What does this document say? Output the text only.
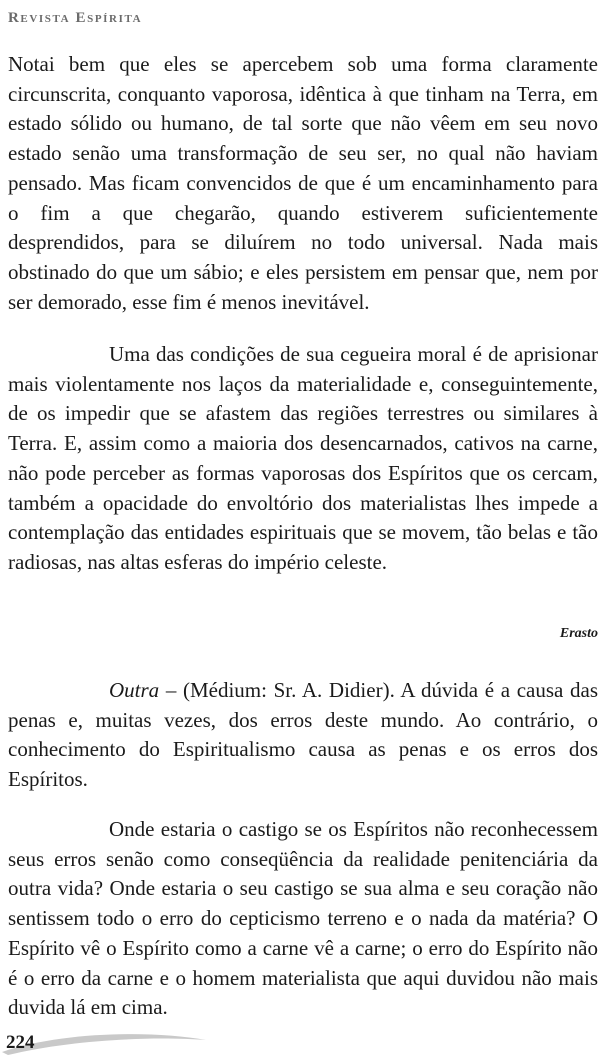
Revista Espírita

Notai bem que eles se apercebem sob uma forma claramente circunscrita, conquanto vaporosa, idêntica à que tinham na Terra, em estado sólido ou humano, de tal sorte que não vêem em seu novo estado senão uma transformação de seu ser, no qual não haviam pensado. Mas ficam convencidos de que é um encaminhamento para o fim a que chegarão, quando estiverem suficientemente desprendidos, para se diluírem no todo universal. Nada mais obstinado do que um sábio; e eles persistem em pensar que, nem por ser demorado, esse fim é menos inevitável.

Uma das condições de sua cegueira moral é de aprisionar mais violentamente nos laços da materialidade e, conseguintemente, de os impedir que se afastem das regiões terrestres ou similares à Terra. E, assim como a maioria dos desencarnados, cativos na carne, não pode perceber as formas vaporosas dos Espíritos que os cercam, também a opacidade do envoltório dos materialistas lhes impede a contemplação das entidades espirituais que se movem, tão belas e tão radiosas, nas altas esferas do império celeste.

Erasto

Outra – (Médium: Sr. A. Didier). A dúvida é a causa das penas e, muitas vezes, dos erros deste mundo. Ao contrário, o conhecimento do Espiritualismo causa as penas e os erros dos Espíritos.

Onde estaria o castigo se os Espíritos não reconhecessem seus erros senão como conseqüência da realidade penitenciária da outra vida? Onde estaria o seu castigo se sua alma e seu coração não sentissem todo o erro do cepticismo terreno e o nada da matéria? O Espírito vê o Espírito como a carne vê a carne; o erro do Espírito não é o erro da carne e o homem materialista que aqui duvidou não mais duvida lá em cima.

224
